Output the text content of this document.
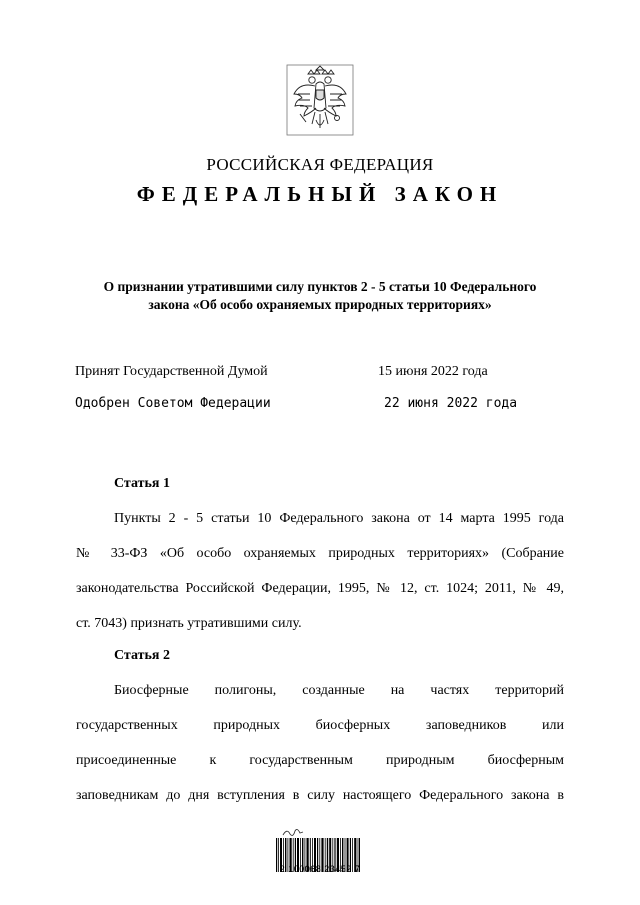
РОССИЙСКАЯ ФЕДЕРАЦИЯ
ФЕДЕРАЛЬНЫЙ ЗАКОН
О признании утратившими силу пунктов 2 - 5 статьи 10 Федерального
закона «Об особо охраняемых природных территориях»
Принят Государственной Думой	15 июня 2022 года
Одобрен Советом Федерации	22 июня 2022 года
Статья 1
Пункты 2 - 5 статьи 10 Федерального закона от 14 марта 1995 года
№ 33-ФЗ «Об особо охраняемых природных территориях» (Собрание
законодательства Российской Федерации, 1995, № 12, ст. 1024; 2011, № 49,
ст. 7043) признать утратившими силу.
Статья 2
Биосферные полигоны, созданные на частях территорий
государственных природных биосферных заповедников или
присоединенные к государственным природным биосферным
заповедникам до дня вступления в силу настоящего Федерального закона в
2 100068 23452 7
